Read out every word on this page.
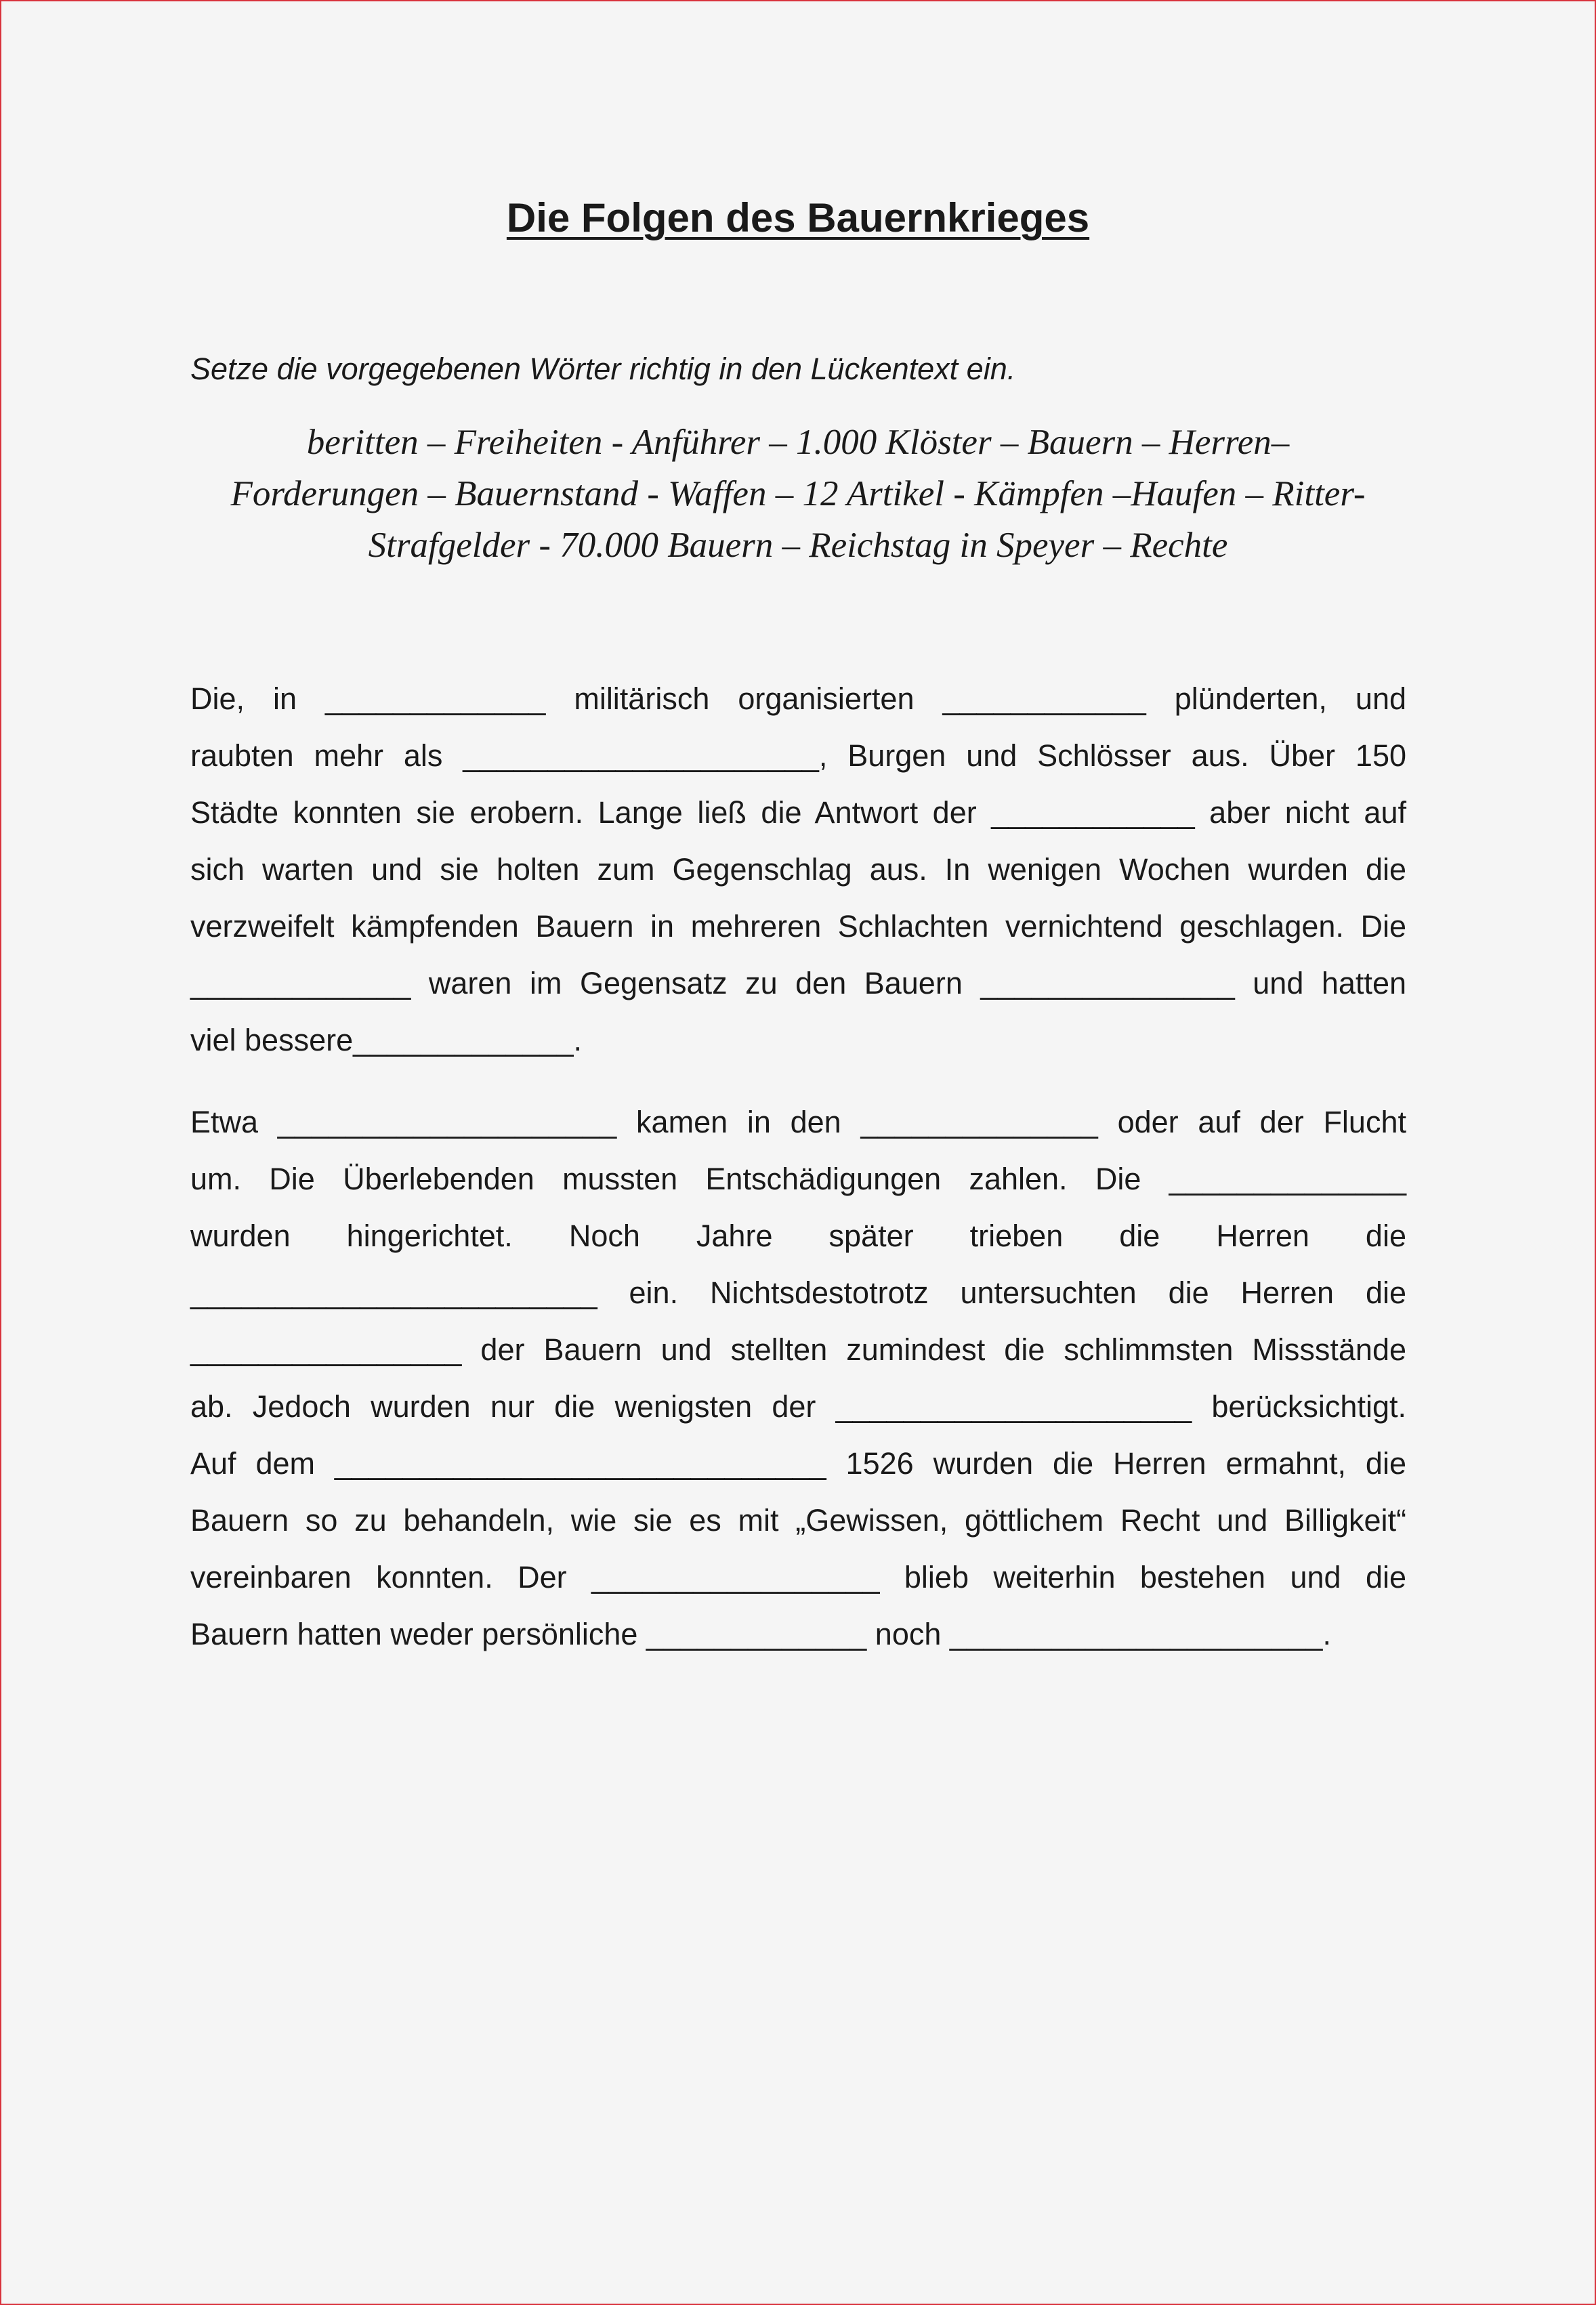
Die Folgen des Bauernkrieges
Setze die vorgegebenen Wörter richtig in den Lückentext ein.
beritten – Freiheiten - Anführer – 1.000 Klöster – Bauern – Herren–
Forderungen – Bauernstand - Waffen – 12 Artikel - Kämpfen –Haufen – Ritter-
Strafgelder - 70.000 Bauern – Reichstag in Speyer – Rechte
Die, in _____________ militärisch organisierten ____________ plünderten, und
raubten mehr als _____________________, Burgen und Schlösser aus. Über 150
Städte konnten sie erobern. Lange ließ die Antwort der ____________ aber nicht auf
sich warten und sie holten zum Gegenschlag aus. In wenigen Wochen wurden die
verzweifelt kämpfenden Bauern in mehreren Schlachten vernichtend geschlagen. Die
_____________ waren im Gegensatz zu den Bauern _______________ und hatten
viel bessere_____________.
Etwa ____________________ kamen in den ______________ oder auf der Flucht
um. Die Überlebenden mussten Entschädigungen zahlen. Die ______________
wurden hingerichtet. Noch Jahre später trieben die Herren die
________________________ ein. Nichtsdestotrotz untersuchten die Herren die
________________ der Bauern und stellten zumindest die schlimmsten Missstände
ab. Jedoch wurden nur die wenigsten der _____________________ berücksichtigt.
Auf dem _____________________________ 1526 wurden die Herren ermahnt, die
Bauern so zu behandeln, wie sie es mit „Gewissen, göttlichem Recht und Billigkeit“
vereinbaren konnten. Der _________________ blieb weiterhin bestehen und die
Bauern hatten weder persönliche _____________ noch ______________________.
